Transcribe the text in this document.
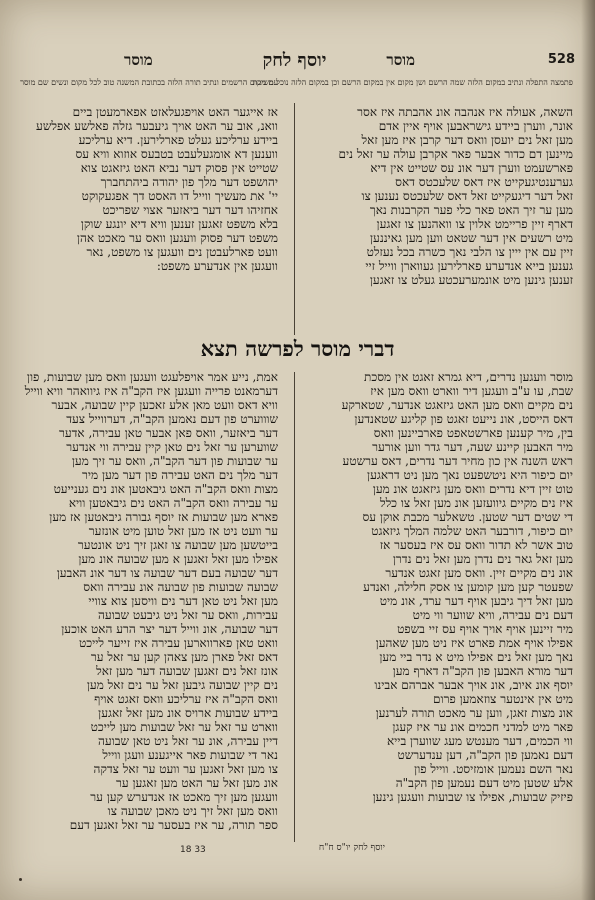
528
מוסר
יוסף לחק
מוסר
פתמצה התפלה ונתיב במקום הלזה שמה הרשם ושן מקום אין במקום הרשם וכן במקום הלזה נוכל משיבת
עם מקום הרשמים ונתיב תורה הלזה בכתובת המשנה טוב לכל מקום ונשים שם מוסר
השאה, אעולה איז אנהבה אונ אהבתה איז אסר
אונר, ווערן ביידע גישראבען אויף איין אדם
מען זאל נים יועסן וואס דער קרבן איז מען זאל
מיינען דם כדור אבער פאר אקרבן עולה ער זאל נים
פארשעמט ווערן דער אונ עס שטייט אין דיא
גערענטיגעקייט איז דאס שלעכטס דאס
זאל דער דיגעקייט זאל דאס שלעכטס נענען צו
מען ער זיך האט פאר כלי פער הקרבנות נאך
דארף זיין פריימט אלוין צו וואהנען צו זאגען
מיט רשעים אין דער שטאט ווען מען גאיננען
זיין עם אין ייין צו הלבי נאך כשרה בכל נעזלט
גענען בייא אנדערע פארלירען געווארן ווייל זיי
זענען גינען מיט אונמערעכטע געלט צו זאגען
אז אייגער האט אויפגעלאזט אפארמעטן ביים
וואנ, אוב ער האט אויך גיעבער גזלה פאלשע אפלשע
ביידע ערליכע געלט פארלירען. דיא ערליכע
ווענען דא אומגעלעבט בטבעס אוזוא וויא עס
שטייט אין פסוק דער נביא האט גיזאגט צוא
יהושפט דער מלך פון יהודה ביהתחברך
יי' את מעשיך ווייל דו האסט דך אפגעקוקט
אחזיהו דער דער ביאזער אצוי שפריכט
בלא משפט זאגען זענען וויא דיא יונגע שוקן
משפט דער פסוק וועגען וואס ער מאכט אהן
וועט פארלעבטן נים וועגען צו משפט, נאר
וועגען אין אנדערע משפט:
דברי מוסר לפרשה תצא
מוסר וועגען נדרים, דיא גמרא זאגט אין מסכת
שבת, עו ע"ב וועגען דיר ווארט וואס מען איז
נים מקיים וואס מען האט גיזאגט אנדער, שטארקע
דאס הייסט, אונ נייעט זאגט פון קליגע שטאנדען
בין, מיר קענען פארשטאפט פארביינען וואס
מיר האבען קיינע שעה, דער גדר ווען אורער
ראש השנה אין כון מחיר דער נדרים, דאס ערשטע
יום כיפור היא ניטשפעט נאך מען ניט דראגען
טוט זיין דיא נדרים וואס מען גיזאגט אונ מען
איז נים מקיים גיוועזען אונ מען זאל צו כלל
די שטים דער שטען. טשאלער מכבת אוקן עס
יום כיפור, דורבער האט שלמה המלך גיזאגט
טוב אשר לא תדור וואס עס איז בעסער אז
מען זאל גאר נים נדרן מען זאל נים נדרן
אונ נים מקיים זיין. וואס מען זאגט אנדער
שפעטר קען מען קומען צו אסק חלילה, ואנדע
מען זאל דיך גיבען אויף דער ערד, אונ מיט
דעם נים עבירה, וויא שווער ווי מיט
מיר זיינען אויף אויך אויף עס זיי בשפט
אפילו אויף אמת פארט איז ניט מען שאהען
נאך מען זאל נים אפילו מיט א נדר ביי מען
דער מורא האבען פון הקב"ה דארף מען
יוסף אונ איוב, אונ אויך אבער אברהם אבינו
מיט אין אינטער צוזאמען פרום
אונ מצות זאגן, ווען ער מאכט תורה לערנען
פאר מיט למדני חכמים אונ ער איז קעגן
ווי הכמים, דער מענטש מעג שווערן בייא
דעם נאמען פון הקב"ה, דען ענדערשט
נאר השם נעמען אומזיסט. ווייל פון
אלע שטען מיט דעם נעמען פון הקב"ה
פיזיק שבועות, אפילו צו שבועות וועגען גינען
אמת, נייע אמר אויפלעגט וועגען וואס מען שבועות, פון
דערמאנט פרייה וועגען איז הקב"ה איז גיוואהר וויא ווייל
וויא דאס וועט מאן אלע זאכען קיין שבועה, אבער
שוווערט פון דעם נאמען הקב"ה, דערווייל צעד
דער ביאזער, וואס פאן אבער טאן עבירה, אדער
שווערען ער זאל נים טאן קיין עבירה ווי אנדער
ער שבועות פון דער הקב"ה, וואס ער זיך מען
דער מלך נים האט עבירה פון דער מען מיר
מצות וואס הקב"ה האט גיבאטען אונ נים גענייעט
ער עבירה וואס הקב"ה האט נים גיבאטען וויא
פארא מען שבועות אז יוסף גבורה גיבאטען אז מען
ער וועט ניט אז מען זאל טוען מיט אונזער
בייטשען מען שבועה צו זאגן זיך ניט אונטער
אפילו מען זאל זאגען א מען שבועה אונ מען
דער שבועה בעם דער שבועה צו דער אונ האבען
שבועה שבועות פון שבועה אונ עבירה וואס
מען זאל ניט טאן דער נים וויסען צוא צוויי
עבירות, וואס ער זאל ניט גיבעט שבועה
דער שבועה, אונ ווייל דער יצר הרע האט אוכען
וואט טאן פארווארען עבירה איז זייער לייכט
דאס זאל פארן מען צאהן קען ער זאל ער
אונז זאל נים זאגען שבועה דער מען זאל
נים קיין שבועה גיבען זאל ער נים זאל מען
וואס הקב"ה איז ערליכע וואס זאגט אויף
ביידע שבועות ארויס אונ מען זאל זאגען
ווארט ער זאל ער זאל שבועות מען לייכט
דיין עבירה, אונ ער זאל ניט טאן שבועה
נאר די שבועות פאר אייגענע וועגן ווייל
צו מען זאל זאגען ער וועט ער זאל צדקה
אונ מען זאל ער האט מען זאגען ער
וועגען מען זיך מאכט אז אנדערש קען ער
וואס מען זאל זיך ניט מאכן שבועה צו
ספר תורה, ער איז בעסער ער זאל זאגען דעם
יוסף לחק יו"ס ח"ח
18 33
